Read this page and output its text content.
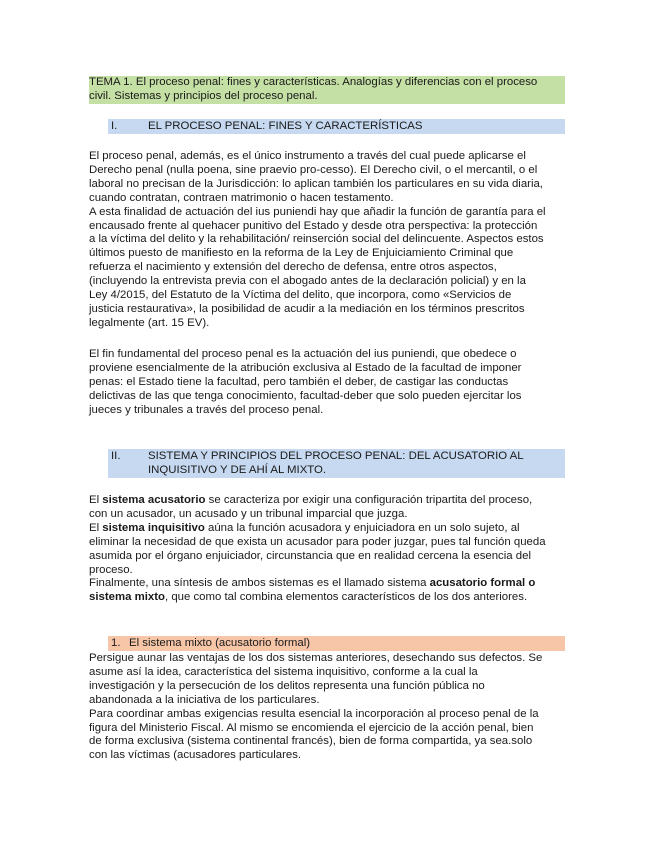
TEMA 1. El proceso penal: fines y características. Analogías y diferencias con el proceso
civil. Sistemas y principios del proceso penal.
I.	EL PROCESO PENAL: FINES Y CARACTERÍSTICAS
El proceso penal, además, es el único instrumento a través del cual puede aplicarse el
Derecho penal (nulla poena, sine praevio pro-cesso). El Derecho civil, o el mercantil, o el
laboral no precisan de la Jurisdicción: lo aplican también los particulares en su vida diaria,
cuando contratan, contraen matrimonio o hacen testamento.
A esta finalidad de actuación del ius puniendi hay que añadir la función de garantía para el
encausado frente al quehacer punitivo del Estado y desde otra perspectiva: la protección
a la víctima del delito y la rehabilitación/ reinserción social del delincuente. Aspectos estos
últimos puesto de manifiesto en la reforma de la Ley de Enjuiciamiento Criminal que
refuerza el nacimiento y extensión del derecho de defensa, entre otros aspectos,
(incluyendo la entrevista previa con el abogado antes de la declaración policial) y en la
Ley 4/2015, del Estatuto de la Víctima del delito, que incorpora, como «Servicios de
justicia restaurativa», la posibilidad de acudir a la mediación en los términos prescritos
legalmente (art. 15 EV).
El fin fundamental del proceso penal es la actuación del ius puniendi, que obedece o
proviene esencialmente de la atribución exclusiva al Estado de la facultad de imponer
penas: el Estado tiene la facultad, pero también el deber, de castigar las conductas
delictivas de las que tenga conocimiento, facultad-deber que solo pueden ejercitar los
jueces y tribunales a través del proceso penal.
II. SISTEMA Y PRINCIPIOS DEL PROCESO PENAL: DEL ACUSATORIO AL
INQUISITIVO Y DE AHÍ AL MIXTO.
El sistema acusatorio se caracteriza por exigir una configuración tripartita del proceso,
con un acusador, un acusado y un tribunal imparcial que juzga.
El sistema inquisitivo aúna la función acusadora y enjuiciadora en un solo sujeto, al
eliminar la necesidad de que exista un acusador para poder juzgar, pues tal función queda
asumida por el órgano enjuiciador, circunstancia que en realidad cercena la esencia del
proceso.
Finalmente, una síntesis de ambos sistemas es el llamado sistema acusatorio formal o
sistema mixto, que como tal combina elementos característicos de los dos anteriores.
1. El sistema mixto (acusatorio formal)
Persigue aunar las ventajas de los dos sistemas anteriores, desechando sus defectos. Se
asume así la idea, característica del sistema inquisitivo, conforme a la cual la
investigación y la persecución de los delitos representa una función pública no
abandonada a la iniciativa de los particulares.
Para coordinar ambas exigencias resulta esencial la incorporación al proceso penal de la
figura del Ministerio Fiscal. Al mismo se encomienda el ejercicio de la acción penal, bien
de forma exclusiva (sistema continental francés), bien de forma compartida, ya sea.solo
con las víctimas (acusadores particulares.
